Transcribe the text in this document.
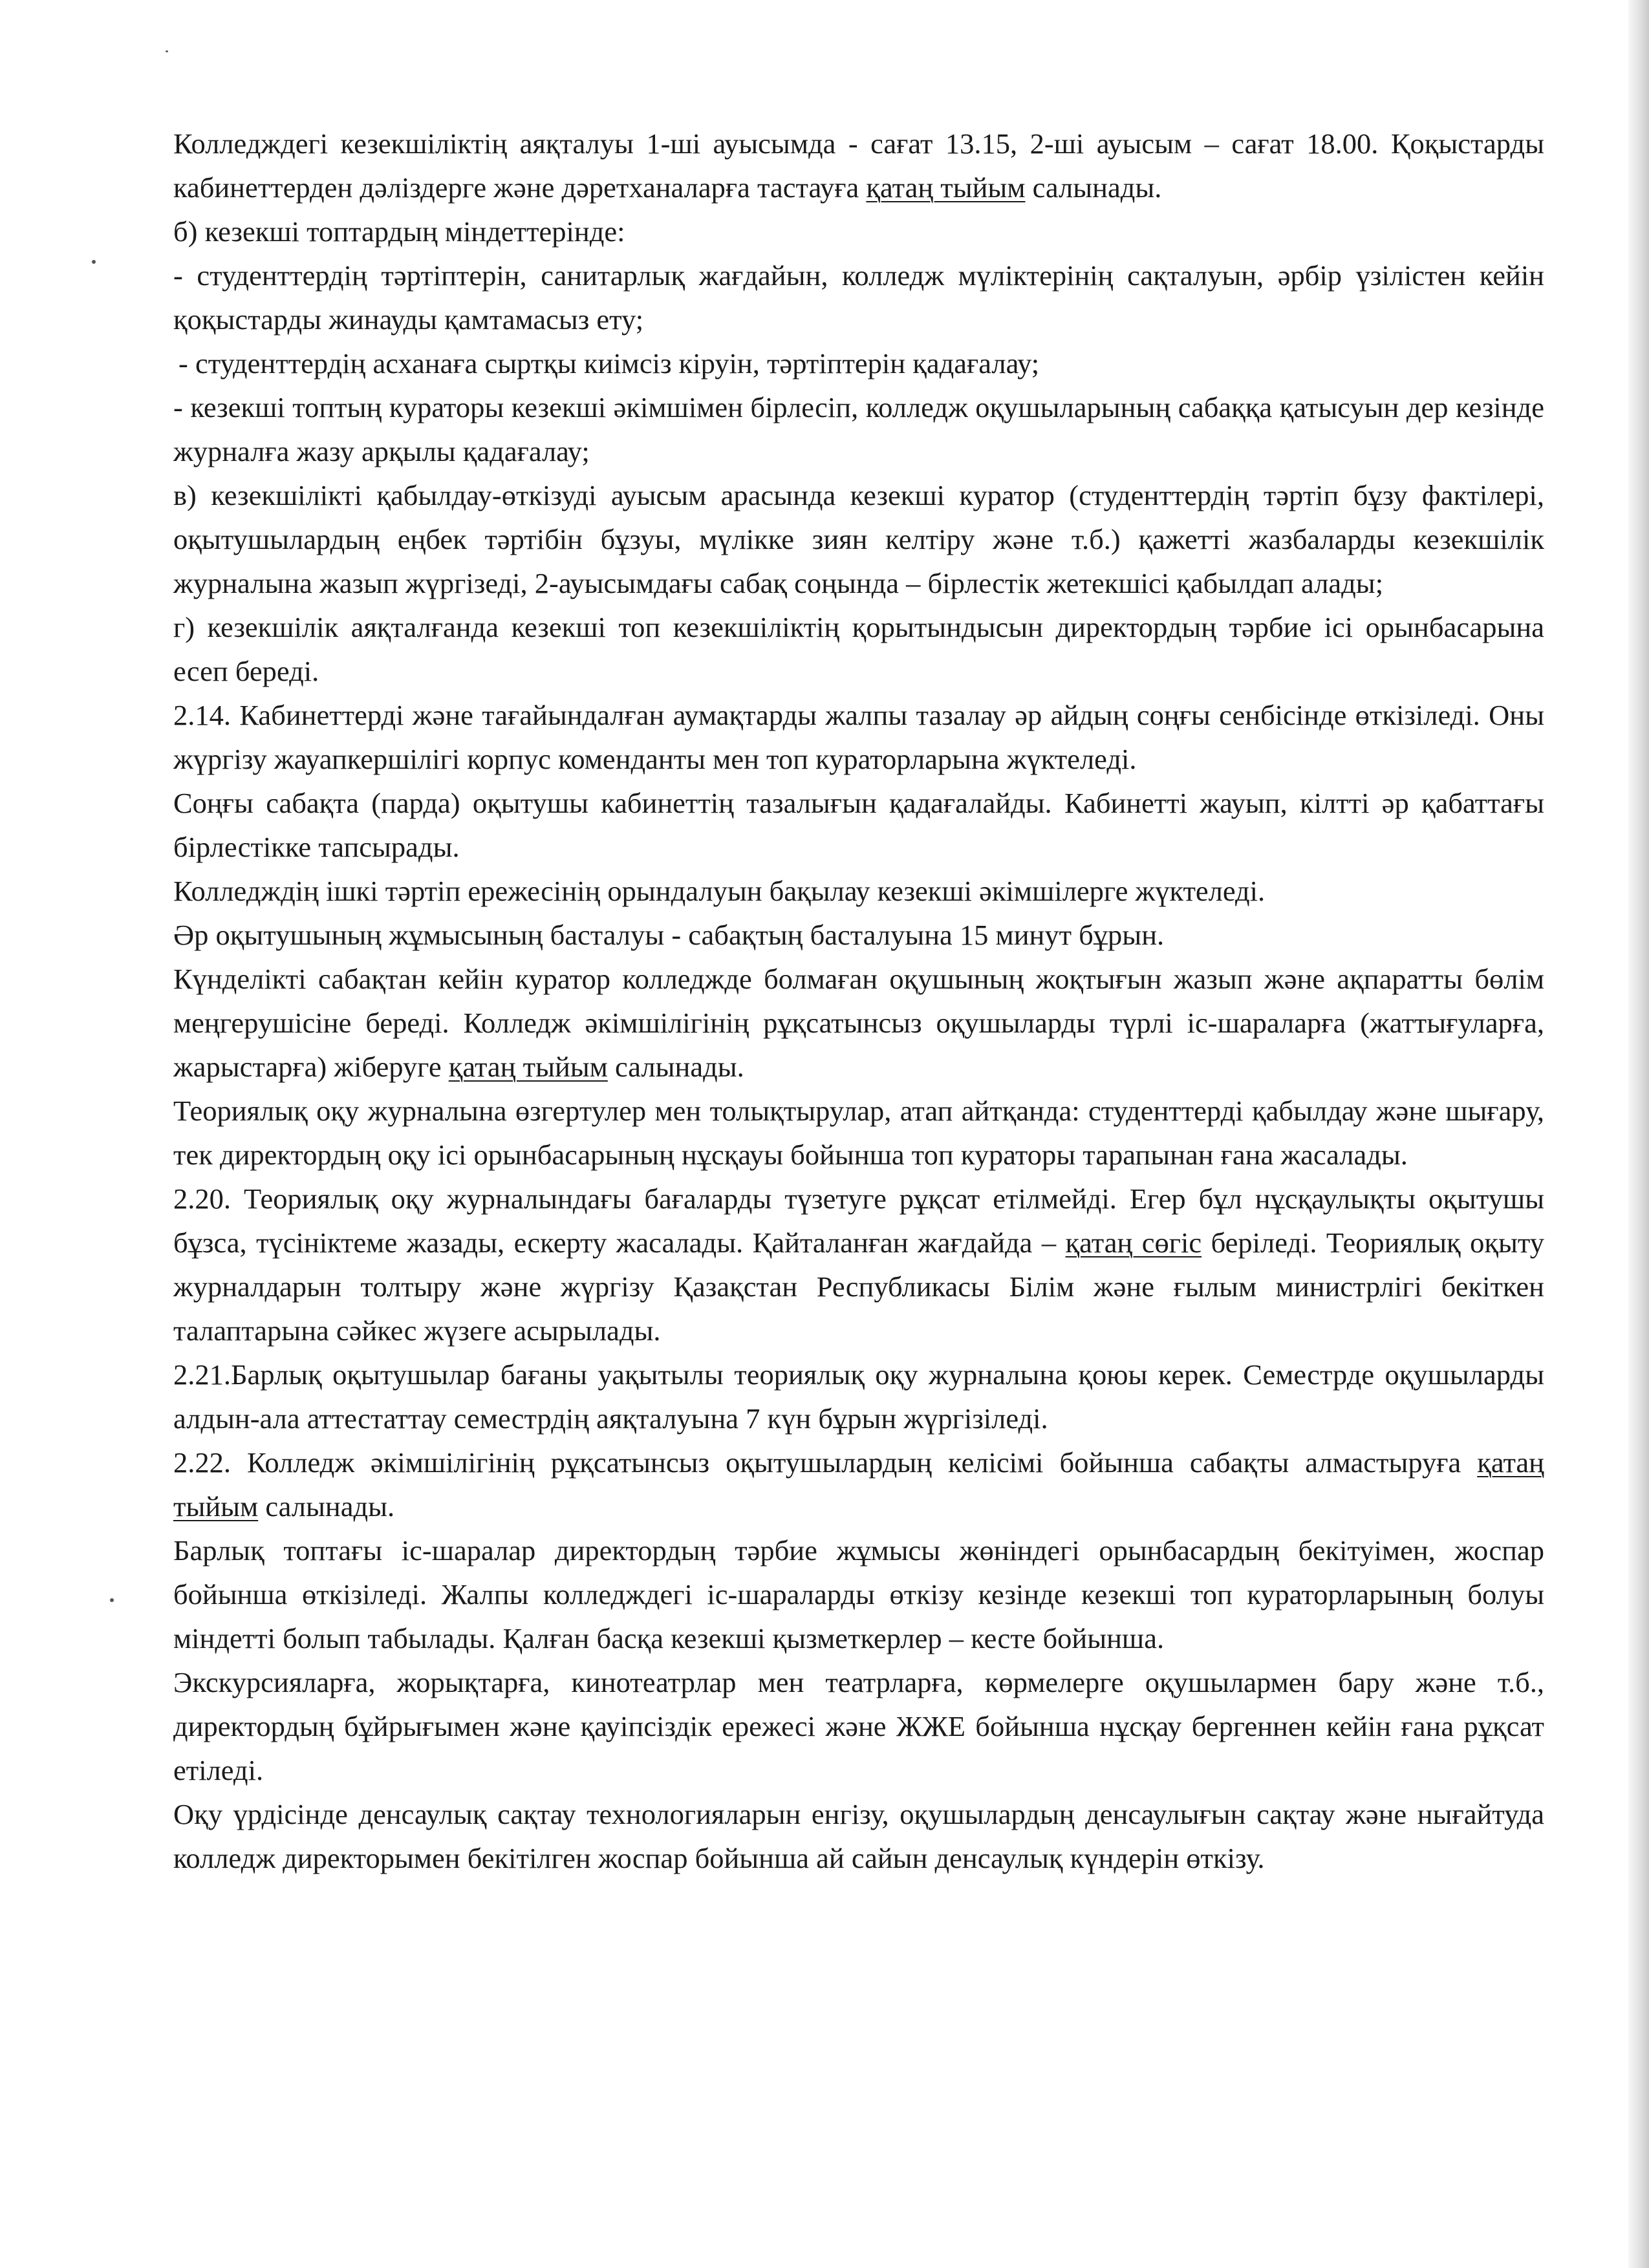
Колледждегі кезекшіліктің аяқталуы 1-ші ауысымда - сағат 13.15, 2-ші ауысым – сағат 18.00. Қоқыстарды кабинеттерден дәлiздерге және дәретханаларға тастауға қатаң тыйым салынады.

б) кезекші топтардың міндеттерінде:

- студенттердің тәртіптерін, санитарлық жағдайын, колледж мүліктерінің сақталуын, әрбір үзілістен кейін қоқыстарды жинауды қамтамасыз ету;

- студенттердің асханаға сыртқы киімсіз кіруін, тәртіптерін қадағалау;

- кезекші топтың кураторы кезекші әкімшімен бірлесіп, колледж оқушыларының сабаққа қатысуын дер кезінде журналға жазу арқылы қадағалау;

в) кезекшілікті қабылдау-өткізуді ауысым арасында кезекші куратор (студенттердің тәртіп бұзу фактілері, оқытушылардың еңбек тәртібін бұзуы, мүлікке зиян келтіру және т.б.) қажетті жазбаларды кезекшілік журналына жазып жүргізеді, 2-ауысымдағы сабақ соңында – бірлестік жетекшісі қабылдап алады;

г) кезекшілік аяқталғанда кезекші топ кезекшіліктің қорытындысын директордың тәрбие ісі орынбасарына есеп береді.

2.14. Кабинеттерді және тағайындалған аумақтарды жалпы тазалау әр айдың соңғы сенбісінде өткізіледі. Оны жүргізу жауапкершілігі корпус коменданты мен топ кураторларына жүктеледі.

Соңғы сабақта (парда) оқытушы кабинеттің тазалығын қадағалайды. Кабинетті жауып, кілтті әр қабаттағы бірлестікке тапсырады.

Колледждің ішкі тәртіп ережесінің орындалуын бақылау кезекші әкімшілерге жүктеледі.

Әр оқытушының жұмысының басталуы - сабақтың басталуына 15 минут бұрын.

Күнделікті сабақтан кейін куратор колледжде болмаған оқушының жоқтығын жазып және ақпаратты бөлім меңгерушісіне береді. Колледж әкімшілігінің рұқсатынсыз оқушыларды түрлі іс-шараларға (жаттығуларға, жарыстарға) жіберуге қатаң тыйым салынады.

Теориялық оқу журналына өзгертулер мен толықтырулар, атап айтқанда: студенттерді қабылдау және шығару, тек директордың оқу ісі орынбасарының нұсқауы бойынша топ кураторы тарапынан ғана жасалады.

2.20. Теориялық оқу журналындағы бағаларды түзетуге рұқсат етілмейді. Егер бұл нұсқаулықты оқытушы бұзса, түсініктеме жазады, ескерту жасалады. Қайталанған жағдайда – қатаң сөгіс беріледі. Теориялық оқыту журналдарын толтыру және жүргізу Қазақстан Республикасы Білім және ғылым министрлігі бекіткен талаптарына сәйкес жүзеге асырылады.

2.21.Барлық оқытушылар бағаны уақытылы теориялық оқу журналына қоюы керек. Семестрде оқушыларды алдын-ала аттестаттау семестрдің аяқталуына 7 күн бұрын жүргізіледі.

2.22. Колледж әкімшілігінің рұқсатынсыз оқытушылардың келісімі бойынша сабақты алмастыруға қатаң тыйым салынады.

Барлық топтағы іс-шаралар директордың тәрбие жұмысы жөніндегі орынбасардың бекітуімен, жоспар бойынша өткізіледі. Жалпы колледждегі іс-шараларды өткізу кезінде кезекші топ кураторларының болуы міндетті болып табылады. Қалған басқа кезекші қызметкерлер – кесте бойынша.

Экскурсияларға, жорықтарға, кинотеатрлар мен театрларға, көрмелерге оқушылармен бару және т.б., директордың бұйрығымен және қауіпсіздік ережесі және ЖЖЕ бойынша нұсқау бергеннен кейін ғана рұқсат етіледі.

Оқу үрдісінде денсаулық сақтау технологияларын енгізу, оқушылардың денсаулығын сақтау және нығайтуда колледж директорымен бекітілген жоспар бойынша ай сайын денсаулық күндерін өткізу.
